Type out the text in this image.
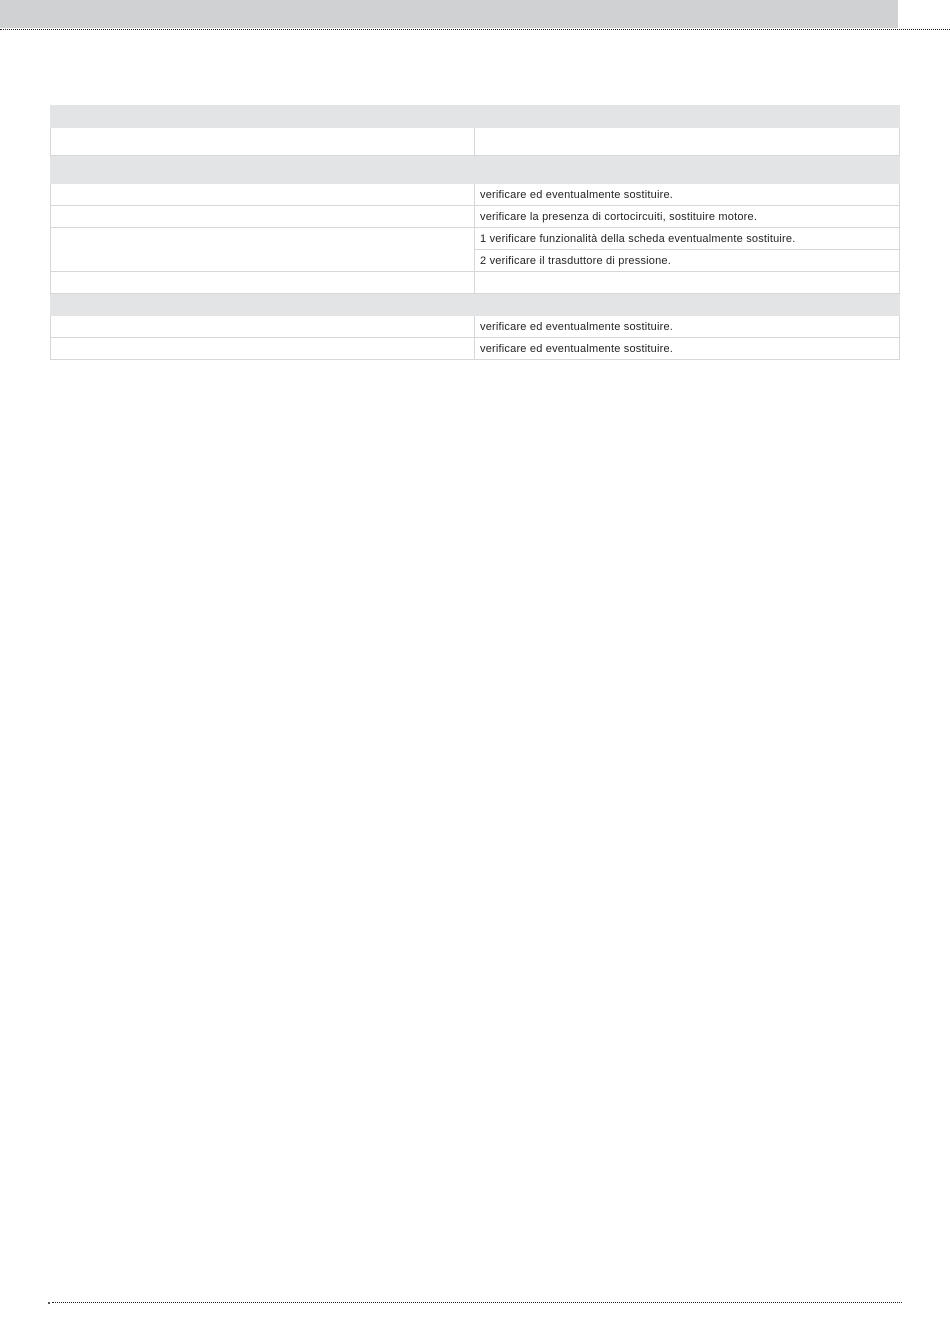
	verificare ed eventualmente sostituire.
	verificare la presenza di cortocircuiti, sostituire motore.
	1 verificare funzionalità della scheda eventualmente sostituire.
	2 verificare il trasduttore di pressione.

	verificare ed eventualmente sostituire.
	verificare ed eventualmente sostituire.
